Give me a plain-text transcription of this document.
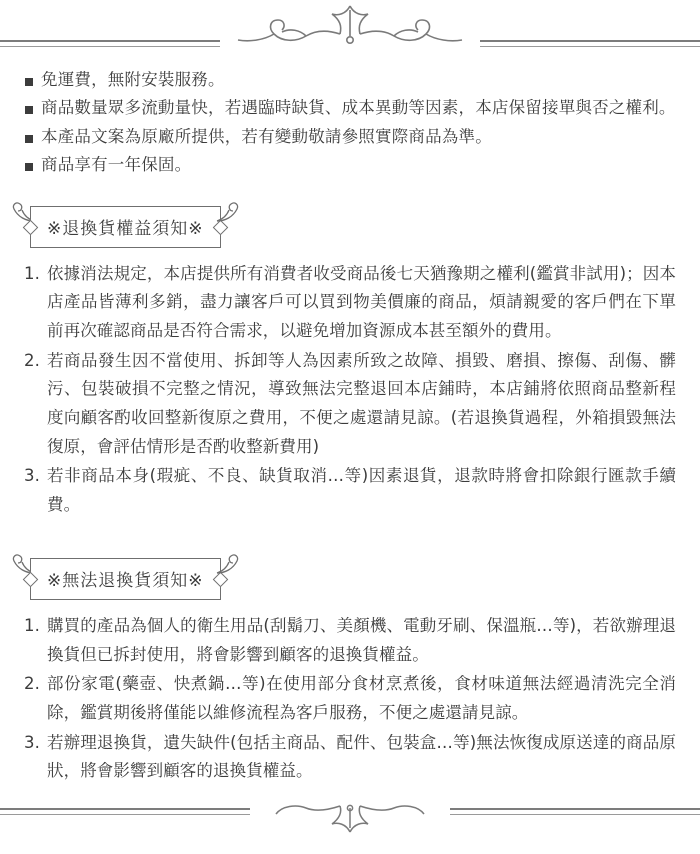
免運費，無附安裝服務。
商品數量眾多流動量快，若遇臨時缺貨、成本異動等因素，本店保留接單與否之權利。
本產品文案為原廠所提供，若有變動敬請參照實際商品為準。
商品享有一年保固。
※退換貨權益須知※
依據消法規定，本店提供所有消費者收受商品後七天猶豫期之權利(鑑賞非試用)；因本店產品皆薄利多銷，盡力讓客戶可以買到物美價廉的商品，煩請親愛的客戶們在下單前再次確認商品是否符合需求，以避免增加資源成本甚至額外的費用。
若商品發生因不當使用、拆卸等人為因素所致之故障、損毀、磨損、擦傷、刮傷、髒污、包裝破損不完整之情況，導致無法完整退回本店鋪時，本店鋪將依照商品整新程度向顧客酌收回整新復原之費用，不便之處還請見諒。(若退換貨過程，外箱損毀無法復原，會評估情形是否酌收整新費用)
若非商品本身(瑕疵、不良、缺貨取消…等)因素退貨，退款時將會扣除銀行匯款手續費。
※無法退換貨須知※
購買的產品為個人的衛生用品(刮鬍刀、美顏機、電動牙刷、保溫瓶…等)，若欲辦理退換貨但已拆封使用，將會影響到顧客的退換貨權益。
部份家電(藥壺、快煮鍋…等)在使用部分食材烹煮後，食材味道無法經過清洗完全消除，鑑賞期後將僅能以維修流程為客戶服務，不便之處還請見諒。
若辦理退換貨，遺失缺件(包括主商品、配件、包裝盒…等)無法恢復成原送達的商品原狀，將會影響到顧客的退換貨權益。
